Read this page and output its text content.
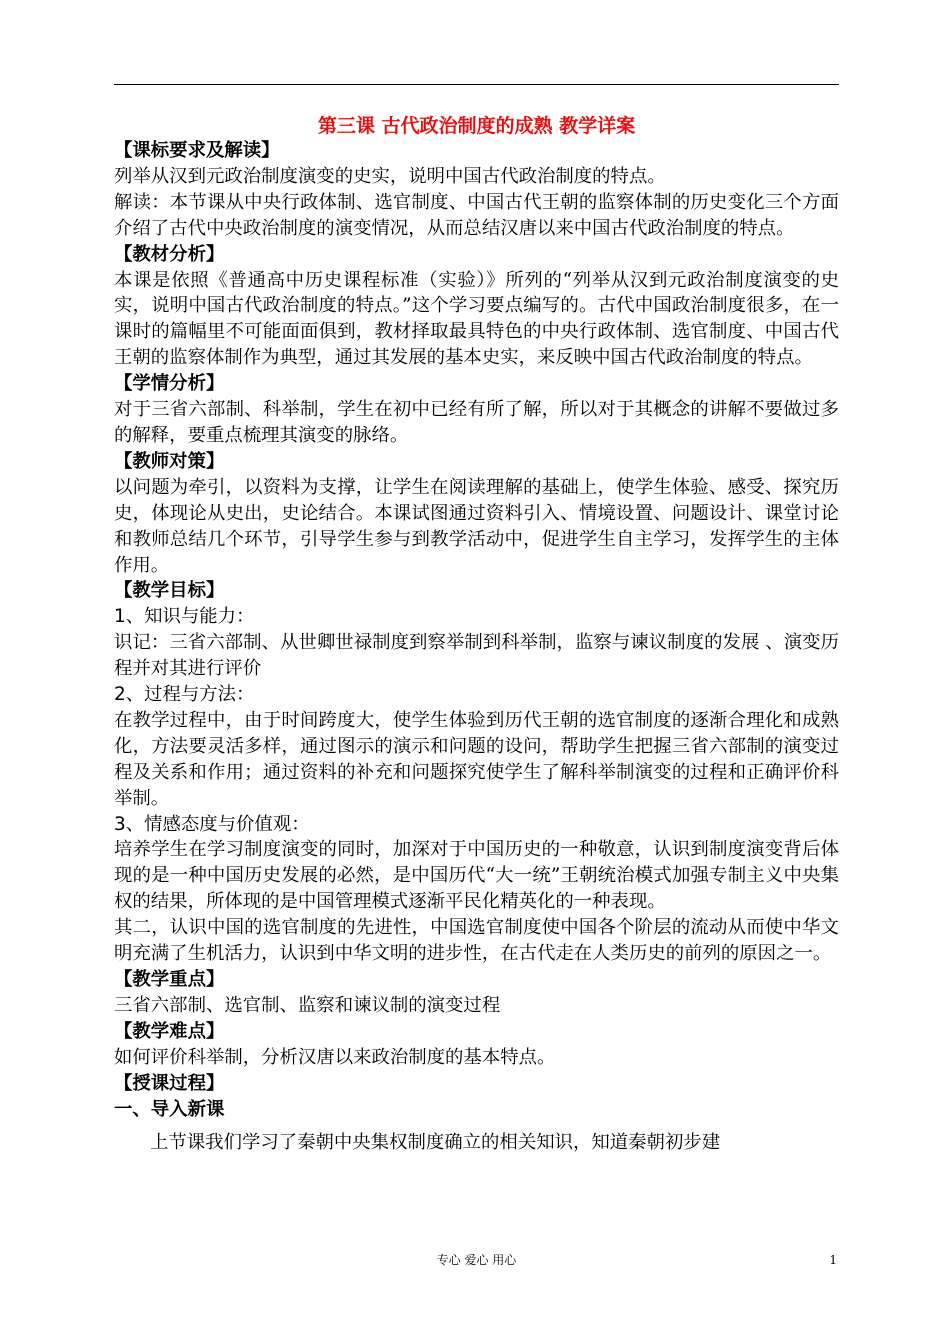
第三课 古代政治制度的成熟 教学详案

【课标要求及解读】

列举从汉到元政治制度演变的史实，说明中国古代政治制度的特点。

解读：本节课从中央行政体制、选官制度、中国古代王朝的监察体制的历史变化三个方面介绍了古代中央政治制度的演变情况，从而总结汉唐以来中国古代政治制度的特点。

【教材分析】

本课是依照《普通高中历史课程标准（实验）》所列的“列举从汉到元政治制度演变的史实，说明中国古代政治制度的特点。”这个学习要点编写的。古代中国政治制度很多，在一课时的篇幅里不可能面面俱到，教材择取最具特色的中央行政体制、选官制度、中国古代王朝的监察体制作为典型，通过其发展的基本史实，来反映中国古代政治制度的特点。

【学情分析】

对于三省六部制、科举制，学生在初中已经有所了解，所以对于其概念的讲解不要做过多的解释，要重点梳理其演变的脉络。

【教师对策】

以问题为牵引，以资料为支撑，让学生在阅读理解的基础上，使学生体验、感受、探究历史，体现论从史出，史论结合。本课试图通过资料引入、情境设置、问题设计、课堂讨论和教师总结几个环节，引导学生参与到教学活动中，促进学生自主学习，发挥学生的主体作用。

【教学目标】

1、知识与能力：

识记：三省六部制、从世卿世禄制度到察举制到科举制，监察与谏议制度的发展 、演变历程并对其进行评价

2、过程与方法：

在教学过程中，由于时间跨度大，使学生体验到历代王朝的选官制度的逐渐合理化和成熟化，方法要灵活多样，通过图示的演示和问题的设问，帮助学生把握三省六部制的演变过程及关系和作用；通过资料的补充和问题探究使学生了解科举制演变的过程和正确评价科举制。

3、情感态度与价值观：

培养学生在学习制度演变的同时，加深对于中国历史的一种敬意，认识到制度演变背后体现的是一种中国历史发展的必然，是中国历代“大一统”王朝统治模式加强专制主义中央集权的结果，所体现的是中国管理模式逐渐平民化精英化的一种表现。

其二，认识中国的选官制度的先进性，中国选官制度使中国各个阶层的流动从而使中华文明充满了生机活力，认识到中华文明的进步性，在古代走在人类历史的前列的原因之一。

【教学重点】

三省六部制、选官制、监察和谏议制的演变过程

【教学难点】

如何评价科举制，分析汉唐以来政治制度的基本特点。

【授课过程】

一、导入新课

上节课我们学习了秦朝中央集权制度确立的相关知识，知道秦朝初步建

专心 爱心 用心	1
